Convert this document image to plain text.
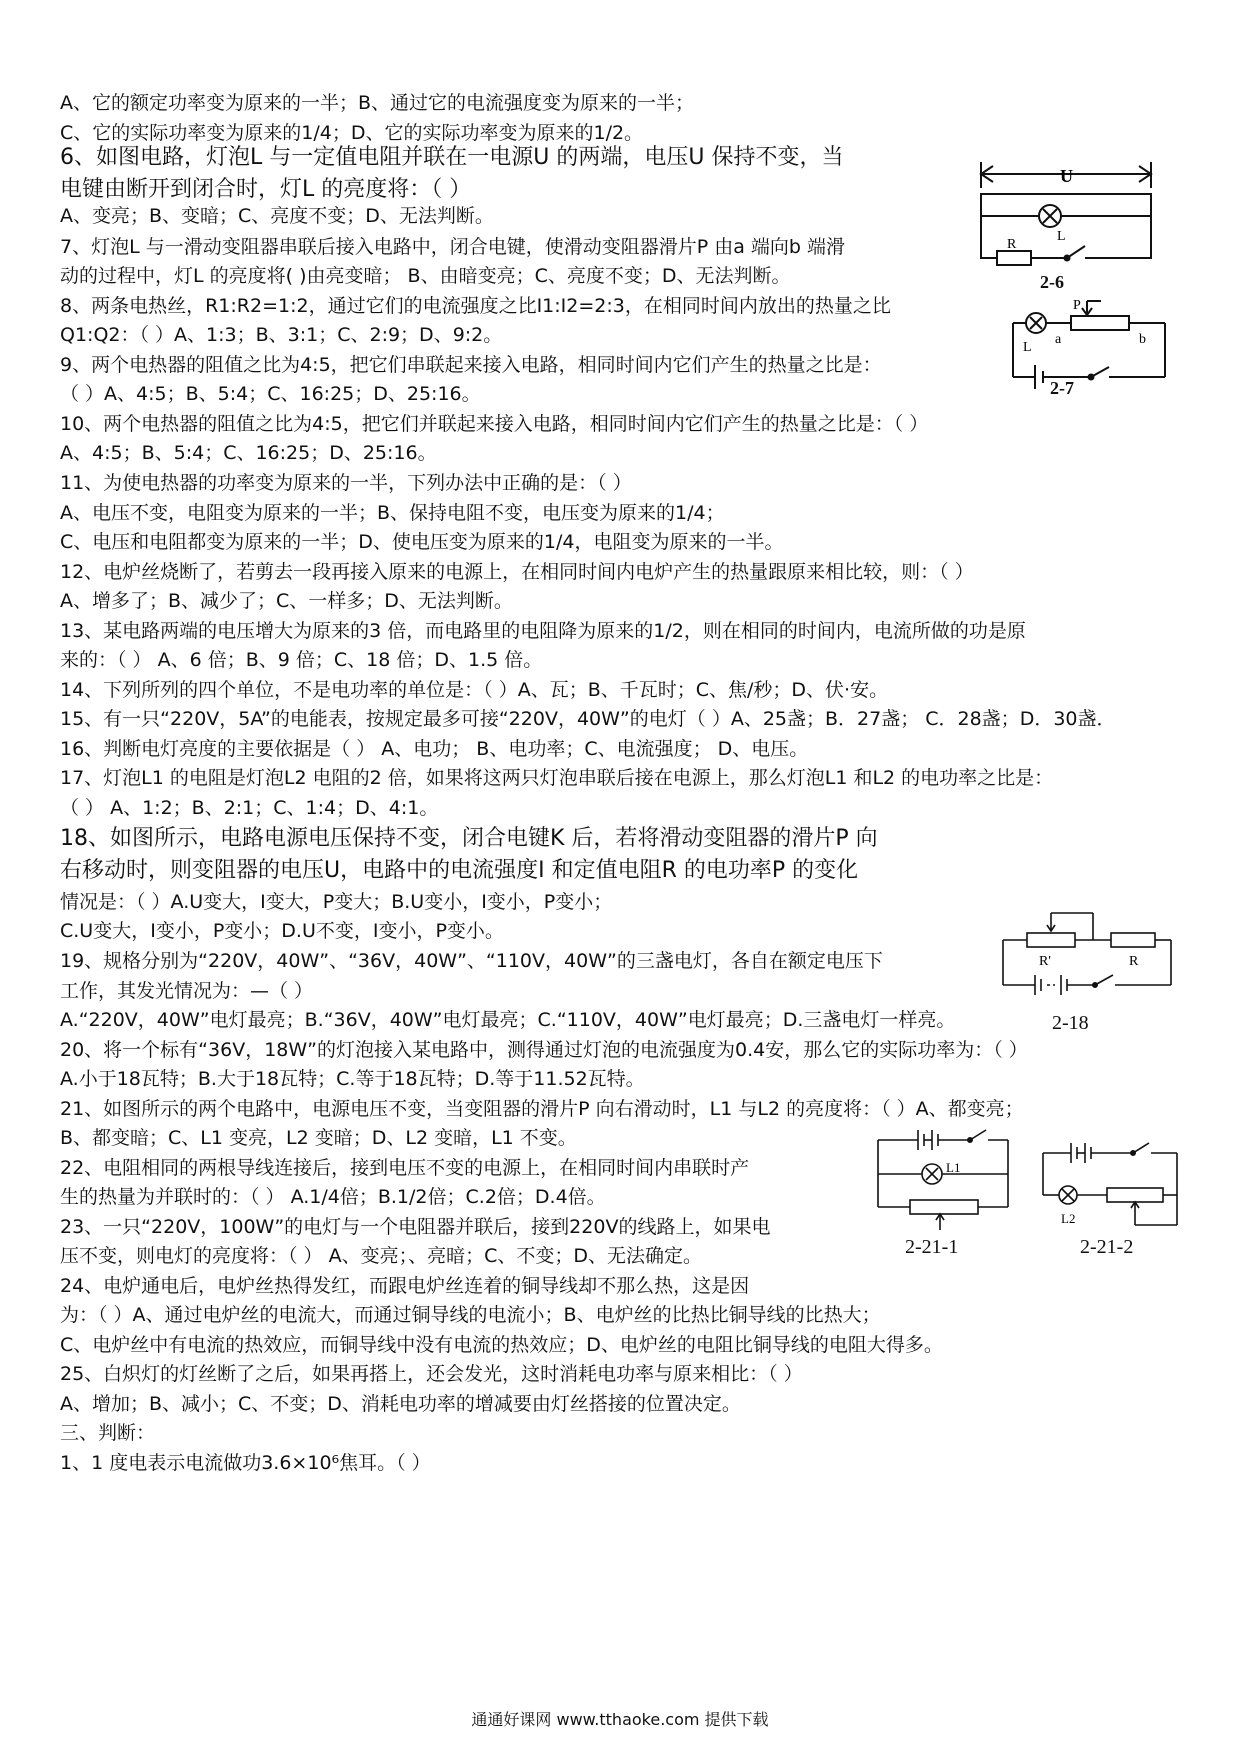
A、它的额定功率变为原来的一半；B、通过它的电流强度变为原来的一半；
C、它的实际功率变为原来的1/4；D、它的实际功率变为原来的1/2。
6、如图电路，灯泡L 与一定值电阻并联在一电源U 的两端，电压U 保持不变，当
电键由断开到闭合时，灯L 的亮度将：（ ）
A、变亮；B、变暗；C、亮度不变；D、无法判断。
7、灯泡L 与一滑动变阻器串联后接入电路中，闭合电键，使滑动变阻器滑片P 由a 端向b 端滑
动的过程中，灯L 的亮度将( )由亮变暗； B、由暗变亮；C、亮度不变；D、无法判断。
8、两条电热丝，R1:R2=1:2，通过它们的电流强度之比I1:I2=2:3，在相同时间内放出的热量之比
Q1:Q2：（ ）A、1:3；B、3:1；C、2:9；D、9:2。
9、两个电热器的阻值之比为4:5，把它们串联起来接入电路，相同时间内它们产生的热量之比是：
（ ）A、4:5；B、5:4；C、16:25；D、25:16。
10、两个电热器的阻值之比为4:5，把它们并联起来接入电路，相同时间内它们产生的热量之比是：（ ）
A、4:5；B、5:4；C、16:25；D、25:16。
11、为使电热器的功率变为原来的一半，下列办法中正确的是：（ ）
A、电压不变，电阻变为原来的一半；B、保持电阻不变，电压变为原来的1/4；
C、电压和电阻都变为原来的一半；D、使电压变为原来的1/4，电阻变为原来的一半。
12、电炉丝烧断了，若剪去一段再接入原来的电源上，在相同时间内电炉产生的热量跟原来相比较，则：（ ）
A、增多了；B、减少了；C、一样多；D、无法判断。
13、某电路两端的电压增大为原来的3 倍，而电路里的电阻降为原来的1/2，则在相同的时间内，电流所做的功是原
来的：（ ） A、6 倍；B、9 倍；C、18 倍；D、1.5 倍。
14、下列所列的四个单位，不是电功率的单位是：（ ）A、瓦；B、千瓦时；C、焦/秒；D、伏·安。
15、有一只“220V，5A”的电能表，按规定最多可接“220V，40W”的电灯（ ）A、25盏；B．27盏； C．28盏；D．30盏．
16、判断电灯亮度的主要依据是（ ） A、电功； B、电功率；C、电流强度； D、电压。
17、灯泡L1 的电阻是灯泡L2 电阻的2 倍，如果将这两只灯泡串联后接在电源上，那么灯泡L1 和L2 的电功率之比是：
（ ） A、1:2；B、2:1；C、1:4；D、4:1。
18、如图所示，电路电源电压保持不变，闭合电键K 后，若将滑动变阻器的滑片P 向
右移动时，则变阻器的电压U，电路中的电流强度I 和定值电阻R 的电功率P 的变化
情况是：（ ）A.U变大，I变大，P变大；B.U变小，I变小，P变小；
C.U变大，I变小，P变小；D.U不变，I变小，P变小。
19、规格分别为“220V，40W”、“36V，40W”、“110V，40W”的三盏电灯，各自在额定电压下
工作，其发光情况为：—（ ）
A.“220V，40W”电灯最亮；B.“36V，40W”电灯最亮；C.“110V，40W”电灯最亮；D.三盏电灯一样亮。
20、将一个标有“36V，18W”的灯泡接入某电路中，测得通过灯泡的电流强度为0.4安，那么它的实际功率为：（ ）
A.小于18瓦特；B.大于18瓦特；C.等于18瓦特；D.等于11.52瓦特。
21、如图所示的两个电路中，电源电压不变，当变阻器的滑片P 向右滑动时，L1 与L2 的亮度将：（ ）A、都变亮；
B、都变暗；C、L1 变亮，L2 变暗；D、L2 变暗，L1 不变。
22、电阻相同的两根导线连接后，接到电压不变的电源上，在相同时间内串联时产
生的热量为并联时的：（ ） A.1/4倍；B.1/2倍；C.2倍；D.4倍。
23、一只“220V，100W”的电灯与一个电阻器并联后，接到220V的线路上，如果电
压不变，则电灯的亮度将：（ ） A、变亮；、亮暗；C、不变；D、无法确定。
24、电炉通电后，电炉丝热得发红，而跟电炉丝连着的铜导线却不那么热，这是因
为：（ ）A、通过电炉丝的电流大，而通过铜导线的电流小；B、电炉丝的比热比铜导线的比热大；
C、电炉丝中有电流的热效应，而铜导线中没有电流的热效应；D、电炉丝的电阻比铜导线的电阻大得多。
25、白炽灯的灯丝断了之后，如果再搭上，还会发光，这时消耗电功率与原来相比：（ ）
A、增加；B、减小；C、不变；D、消耗电功率的增减要由灯丝搭接的位置决定。
三、判断：
1、1 度电表示电流做功3.6×10⁶焦耳。（ ）
U
L
R
2-6
P
a	b
L
2-7
R'	R
2-18
L1
2-21-1
L2
2-21-2
通通好课网 www.tthaoke.com 提供下载
